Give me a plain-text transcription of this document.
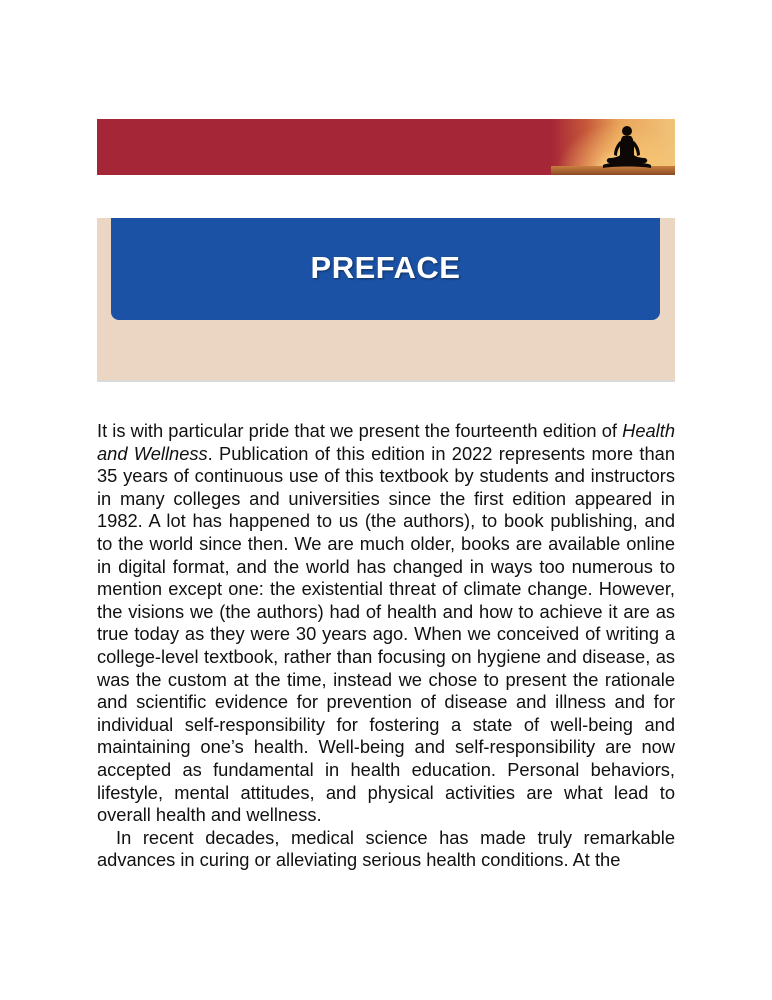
PREFACE

It is with particular pride that we present the fourteenth edition of Health and Wellness. Publication of this edition in 2022 represents more than 35 years of continuous use of this textbook by students and instructors in many colleges and universities since the first edition appeared in 1982. A lot has happened to us (the authors), to book publishing, and to the world since then. We are much older, books are available online in digital format, and the world has changed in ways too numerous to mention except one: the existential threat of climate change. However, the visions we (the authors) had of health and how to achieve it are as true today as they were 30 years ago. When we conceived of writing a college-level textbook, rather than focusing on hygiene and disease, as was the custom at the time, instead we chose to present the rationale and scientific evidence for prevention of disease and illness and for individual self-responsibility for fostering a state of well-being and maintaining one’s health. Well-being and self-responsibility are now accepted as fundamental in health education. Personal behaviors, lifestyle, mental attitudes, and physical activities are what lead to overall health and wellness.

In recent decades, medical science has made truly remarkable advances in curing or alleviating serious health conditions. At the
